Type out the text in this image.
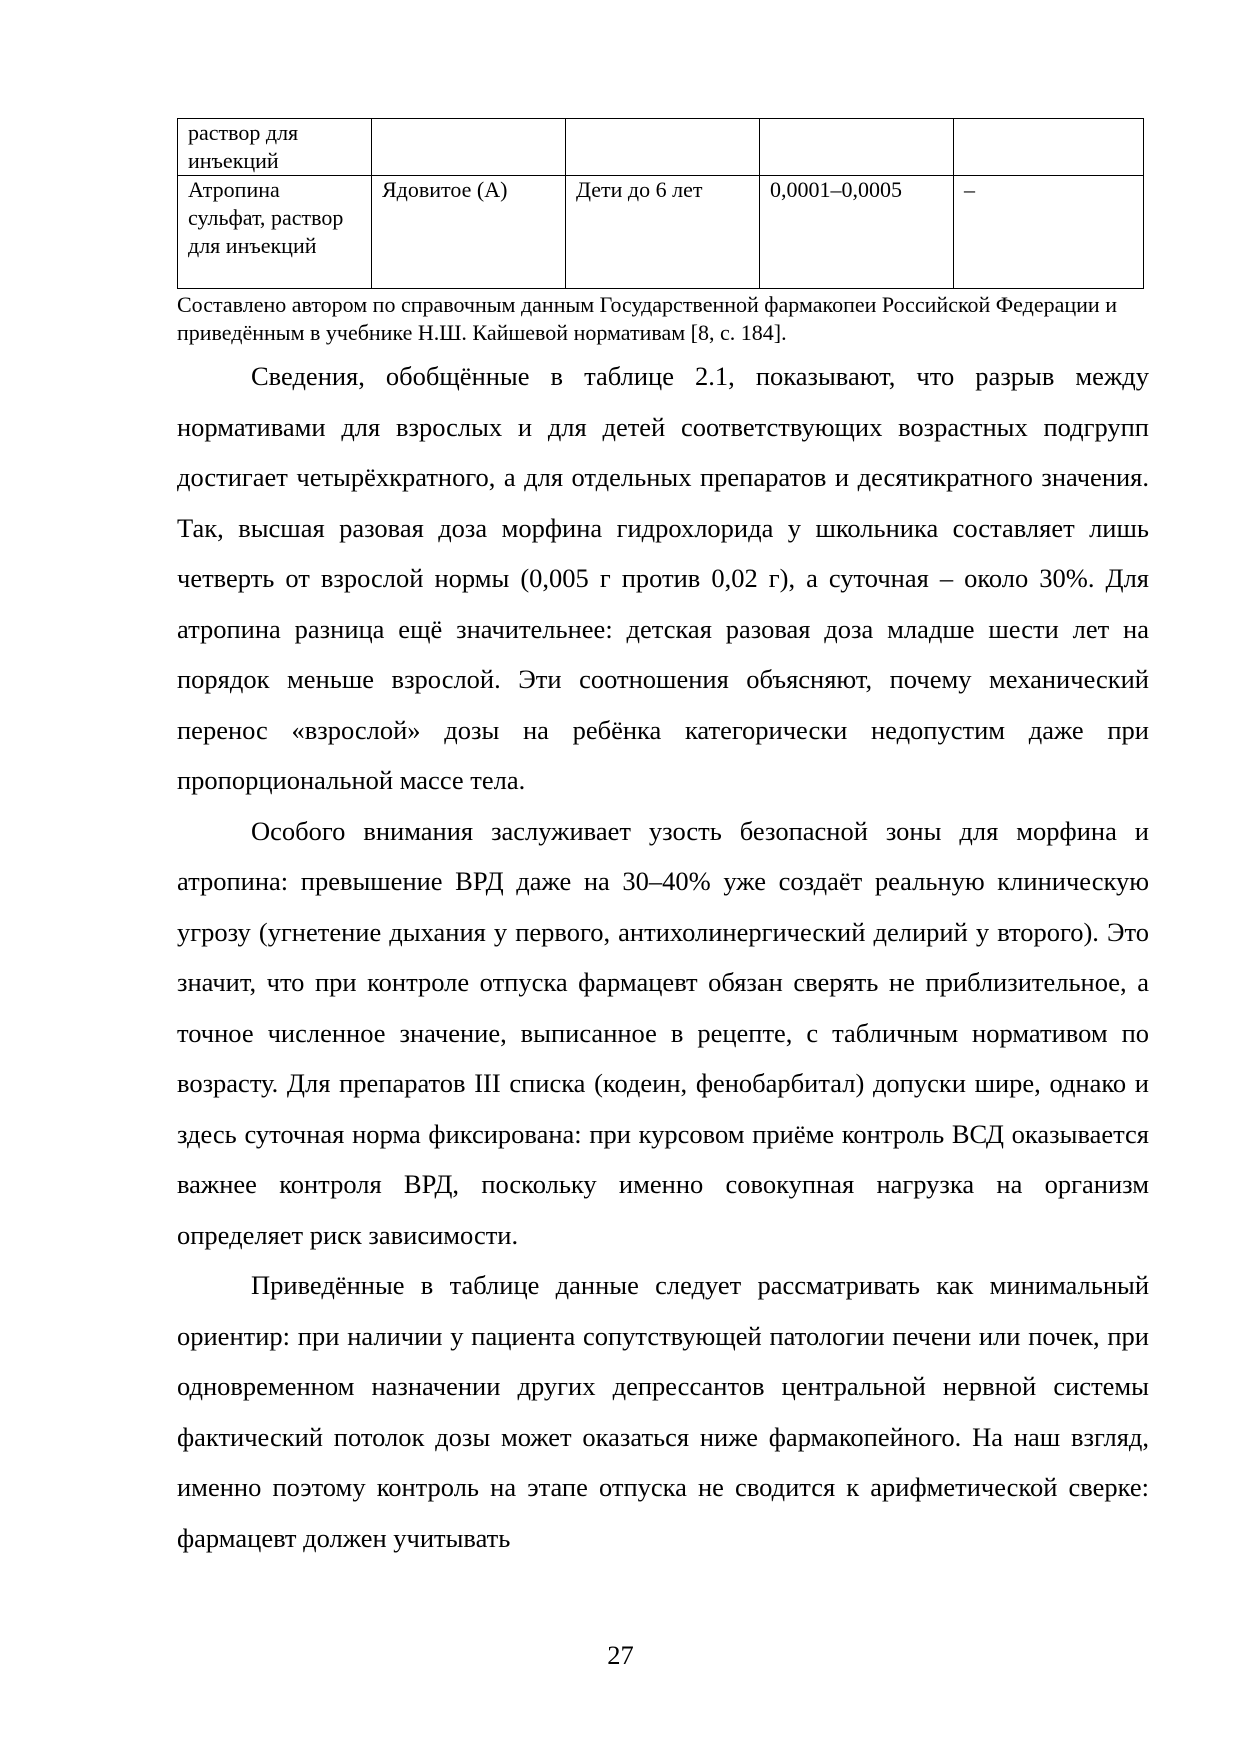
раствор для инъекций				
Атропина сульфат, раствор для инъекций	Ядовитое (А)	Дети до 6 лет	0,0001–0,0005	–
Составлено автором по справочным данным Государственной фармакопеи Российской Федерации и приведённым в учебнике Н.Ш. Кайшевой нормативам [8, с. 184].

Сведения, обобщённые в таблице 2.1, показывают, что разрыв между нормативами для взрослых и для детей соответствующих возрастных подгрупп достигает четырёхкратного, а для отдельных препаратов и десятикратного значения. Так, высшая разовая доза морфина гидрохлорида у школьника составляет лишь четверть от взрослой нормы (0,005 г против 0,02 г), а суточная – около 30%. Для атропина разница ещё значительнее: детская разовая доза младше шести лет на порядок меньше взрослой. Эти соотношения объясняют, почему механический перенос «взрослой» дозы на ребёнка категорически недопустим даже при пропорциональной массе тела.

Особого внимания заслуживает узость безопасной зоны для морфина и атропина: превышение ВРД даже на 30–40% уже создаёт реальную клиническую угрозу (угнетение дыхания у первого, антихолинергический делирий у второго). Это значит, что при контроле отпуска фармацевт обязан сверять не приблизительное, а точное численное значение, выписанное в рецепте, с табличным нормативом по возрасту. Для препаратов III списка (кодеин, фенобарбитал) допуски шире, однако и здесь суточная норма фиксирована: при курсовом приёме контроль ВСД оказывается важнее контроля ВРД, поскольку именно совокупная нагрузка на организм определяет риск зависимости.

Приведённые в таблице данные следует рассматривать как минимальный ориентир: при наличии у пациента сопутствующей патологии печени или почек, при одновременном назначении других депрессантов центральной нервной системы фактический потолок дозы может оказаться ниже фармакопейного. На наш взгляд, именно поэтому контроль на этапе отпуска не сводится к арифметической сверке: фармацевт должен учитывать

27
